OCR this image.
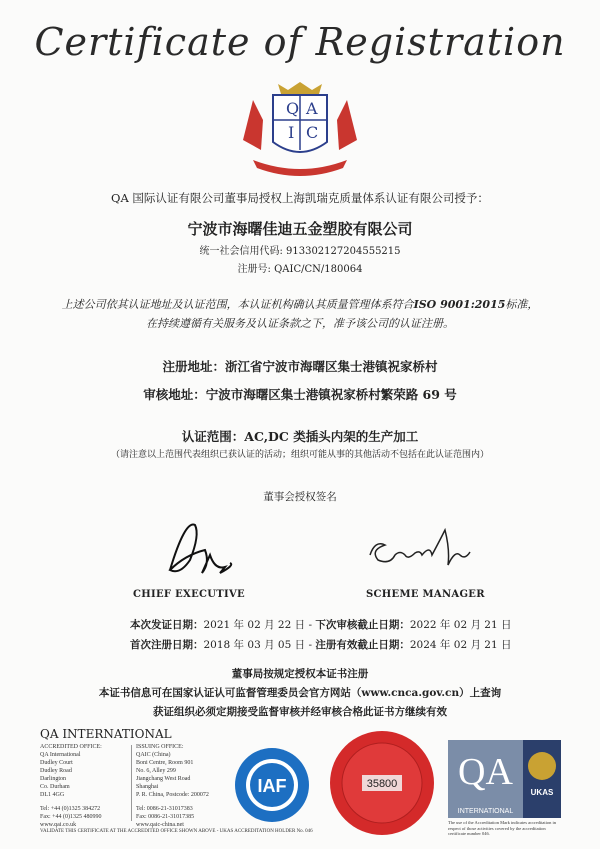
Certificate of Registration
Q A
I C
QA 国际认证有限公司董事局授权上海凯瑞克质量体系认证有限公司授予：
宁波市海曙佳迪五金塑胶有限公司
统一社会信用代码: 913302127204555215
注册号: QAIC/CN/180064
上述公司依其认证地址及认证范围，本认证机构确认其质量管理体系符合ISO 9001:2015标准，
在持续遵循有关服务及认证条款之下，准予该公司的认证注册。
注册地址：浙江省宁波市海曙区集士港镇祝家桥村
审核地址：宁波市海曙区集士港镇祝家桥村繁荣路 69 号
认证范围：AC,DC 类插头内架的生产加工
（请注意以上范围代表组织已获认证的活动；组织可能从事的其他活动不包括在此认证范围内）
董事会授权签名
CHIEF EXECUTIVE	SCHEME MANAGER
本次发证日期：2021 年 02 月 22 日 - 下次审核截止日期：2022 年 02 月 21 日
首次注册日期：2018 年 03 月 05 日 - 注册有效截止日期：2024 年 02 月 21 日
董事局按规定授权本证书注册
本证书信息可在国家认证认可监督管理委员会官方网站（www.cnca.gov.cn）上查询
获证组织必须定期接受监督审核并经审核合格此证书方继续有效
QA INTERNATIONAL
ACCREDITED OFFICE:
QA International
Dudley Court
Dudley Road
Darlington
Co. Durham
DL1 4GG
Tel: +44 (0)1325 384272
Fax: +44 (0)1325 480990
www.qai.co.uk
ISSUING OFFICE:
QAIC (China)
Boni Centre, Room 901
No. 6, Alley 299
Jiangchang West Road
Shanghai
P. R. China, Postcode: 200072
Tel: 0086-21-31017383
Fax: 0086-21-31017385
www.qaic-china.net
IAF	35800 QA
INTERNATIONAL
UKAS
The use of the Accreditation Mark indicates accreditation in respect of those activities covered by the accreditation certificate number 046.
VALIDATE THIS CERTIFICATE AT THE ACCREDITED OFFICE SHOWN ABOVE - UKAS ACCREDITATION HOLDER No. 046
